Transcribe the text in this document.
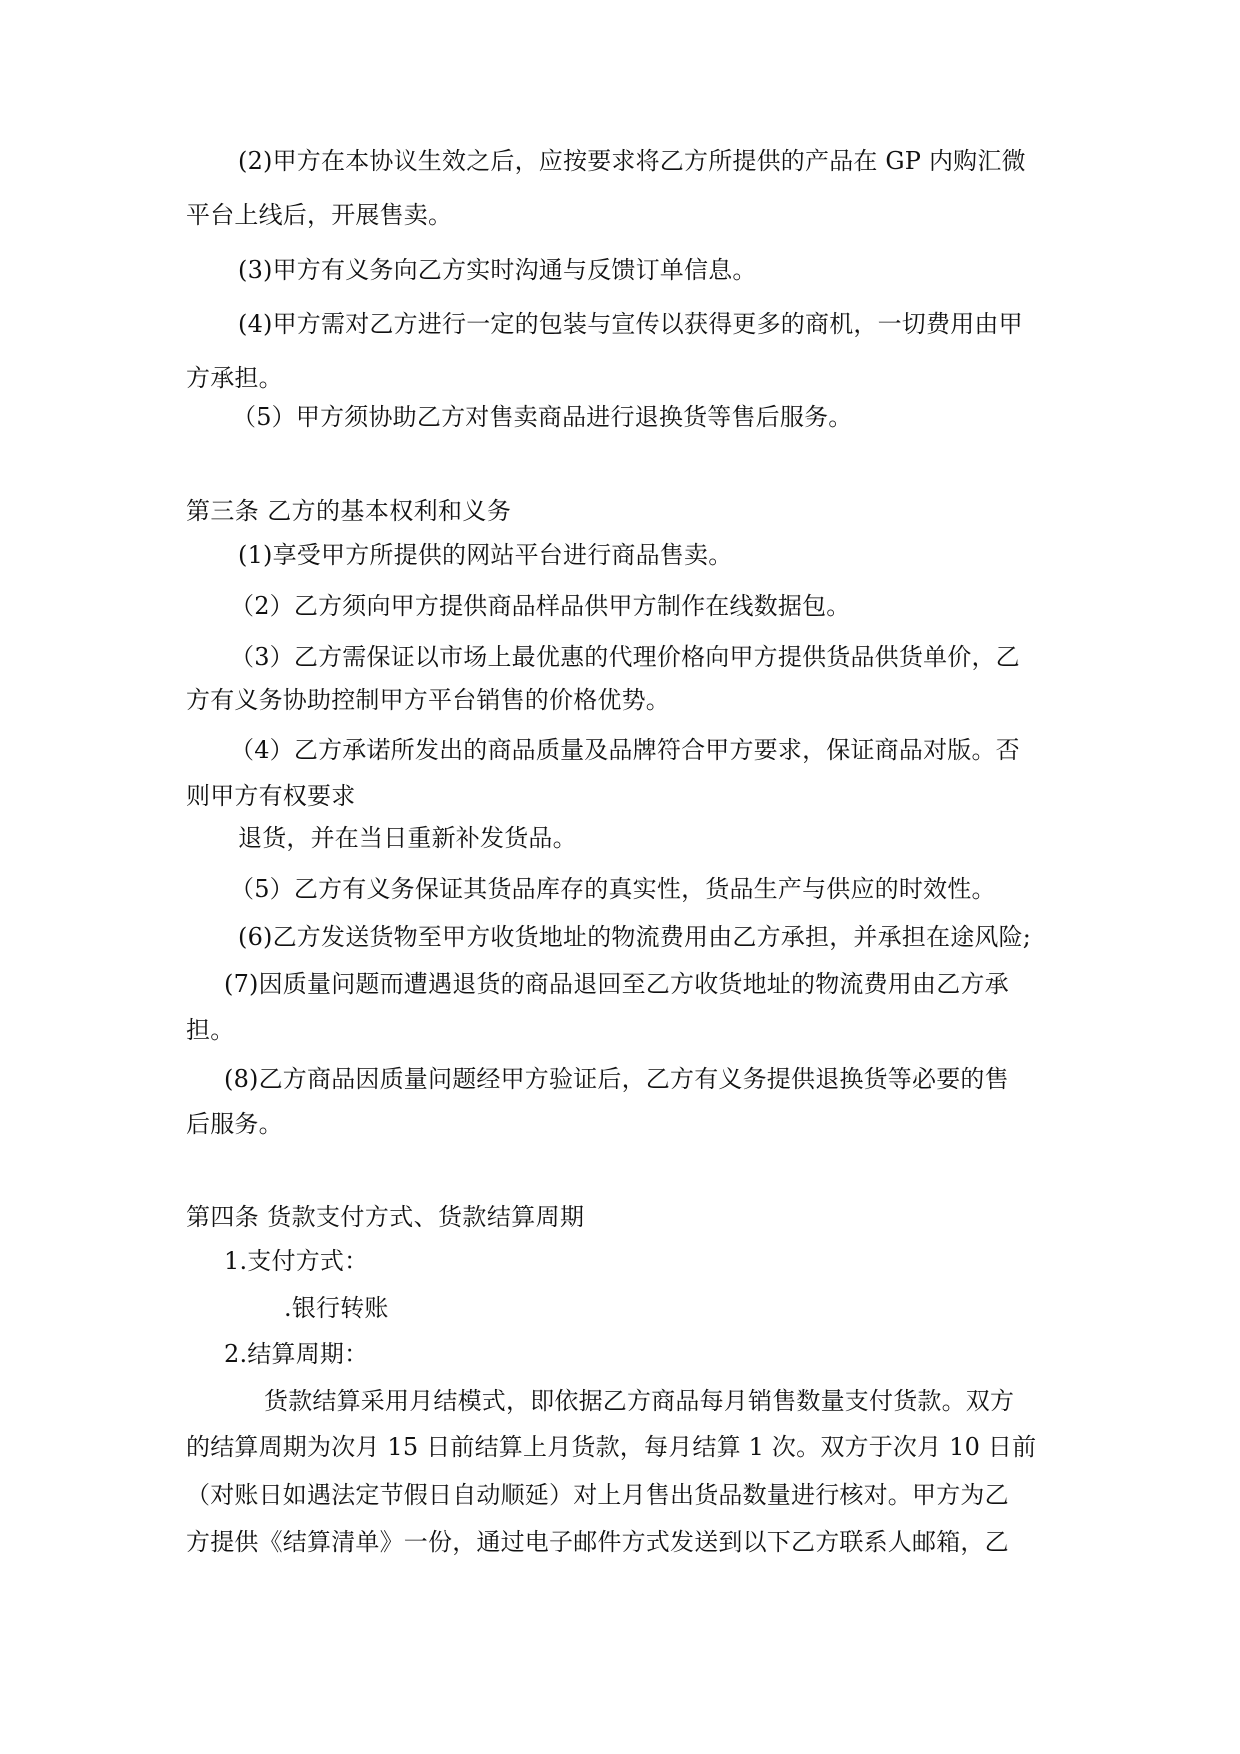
(2)甲方在本协议生效之后，应按要求将乙方所提供的产品在 GP 内购汇微
平台上线后，开展售卖。
(3)甲方有义务向乙方实时沟通与反馈订单信息。
(4)甲方需对乙方进行一定的包装与宣传以获得更多的商机，一切费用由甲
方承担。
（5）甲方须协助乙方对售卖商品进行退换货等售后服务。
第三条 乙方的基本权利和义务
(1)享受甲方所提供的网站平台进行商品售卖。
（2）乙方须向甲方提供商品样品供甲方制作在线数据包。
（3）乙方需保证以市场上最优惠的代理价格向甲方提供货品供货单价，乙
方有义务协助控制甲方平台销售的价格优势。
（4）乙方承诺所发出的商品质量及品牌符合甲方要求，保证商品对版。否
则甲方有权要求
退货，并在当日重新补发货品。
（5）乙方有义务保证其货品库存的真实性，货品生产与供应的时效性。
(6)乙方发送货物至甲方收货地址的物流费用由乙方承担，并承担在途风险;
(7)因质量问题而遭遇退货的商品退回至乙方收货地址的物流费用由乙方承
担。
(8)乙方商品因质量问题经甲方验证后，乙方有义务提供退换货等必要的售
后服务。
第四条 货款支付方式、货款结算周期
1.支付方式：
.银行转账
2.结算周期：
货款结算采用月结模式，即依据乙方商品每月销售数量支付货款。双方
的结算周期为次月 15 日前结算上月货款，每月结算 1 次。双方于次月 10 日前
（对账日如遇法定节假日自动顺延）对上月售出货品数量进行核对。甲方为乙
方提供《结算清单》一份，通过电子邮件方式发送到以下乙方联系人邮箱，乙
